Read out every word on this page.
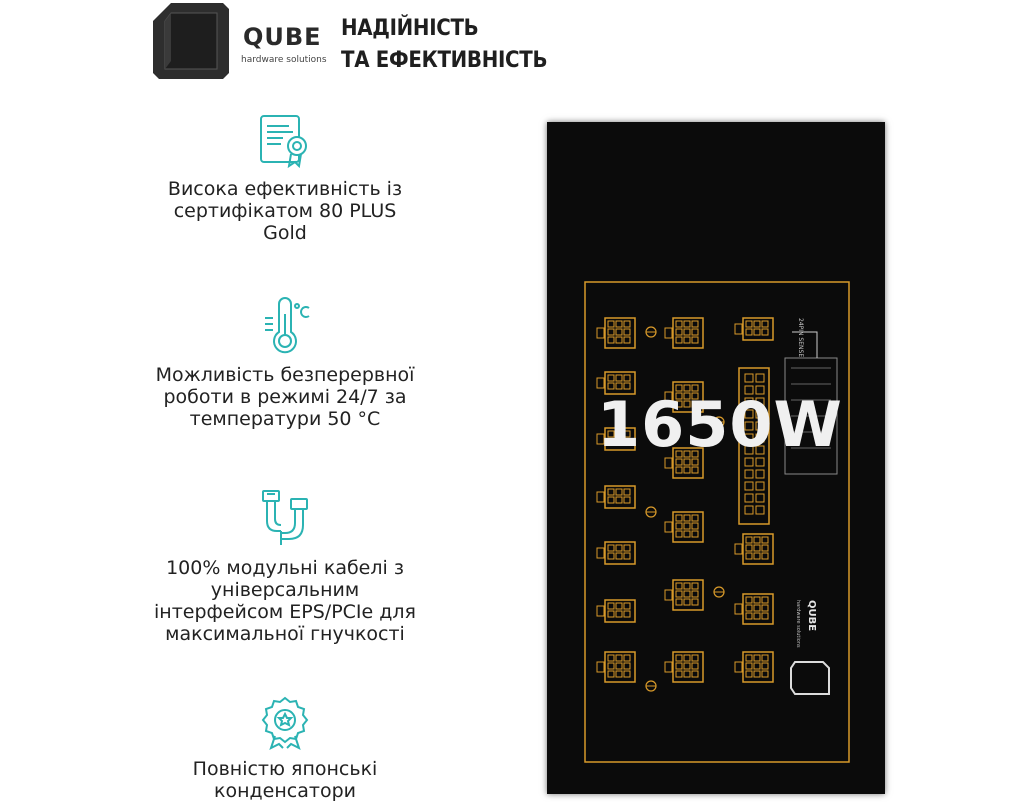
QUBE
hardware solutions
НАДІЙНІСТЬ
ТА ЕФЕКТИВНІСТЬ
Висока ефективність із
сертифікатом 80 PLUS
Gold
Можливість безперервної
роботи в режимі 24/7 за
температури 50 °C
100% модульні кабелі з
універсальним
інтерфейсом EPS/PCIe для
максимальної гнучкості
Повністю японські
конденсатори
24PIN SENSE
QUBE
hardware solutions
1650W
